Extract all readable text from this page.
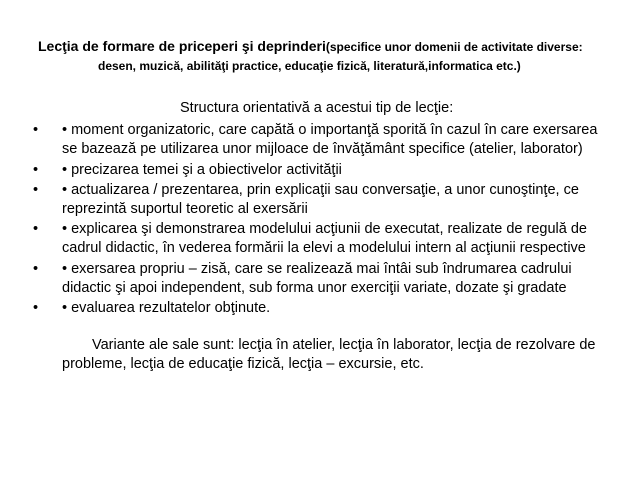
Lecţia de formare de priceperi şi deprinderi(specifice unor domenii de activitate diverse:
desen, muzică, abilităţi practice, educaţie fizică, literatură,informatica etc.)
Structura orientativă a acestui tip de lecţie:
• • moment organizatoric, care capătă o importanţă sporită în cazul în care exersarea se bazează pe utilizarea unor mijloace de învăţământ specifice (atelier, laborator)
• • precizarea temei şi a obiectivelor activităţii
• • actualizarea / prezentarea, prin explicaţii sau conversaţie, a unor cunoştinţe, ce reprezintă suportul teoretic al exersării
• • explicarea şi demonstrarea modelului acţiunii de executat, realizate de regulă de cadrul didactic, în vederea formării la elevi a modelului intern al acţiunii respective
• • exersarea propriu – zisă, care se realizează mai întâi sub îndrumarea cadrului didactic şi apoi independent, sub forma unor exerciţii variate, dozate şi gradate
• • evaluarea rezultatelor obţinute.
Variante ale sale sunt: lecţia în atelier, lecţia în laborator, lecţia de rezolvare de probleme, lecţia de educaţie fizică, lecţia – excursie, etc.
